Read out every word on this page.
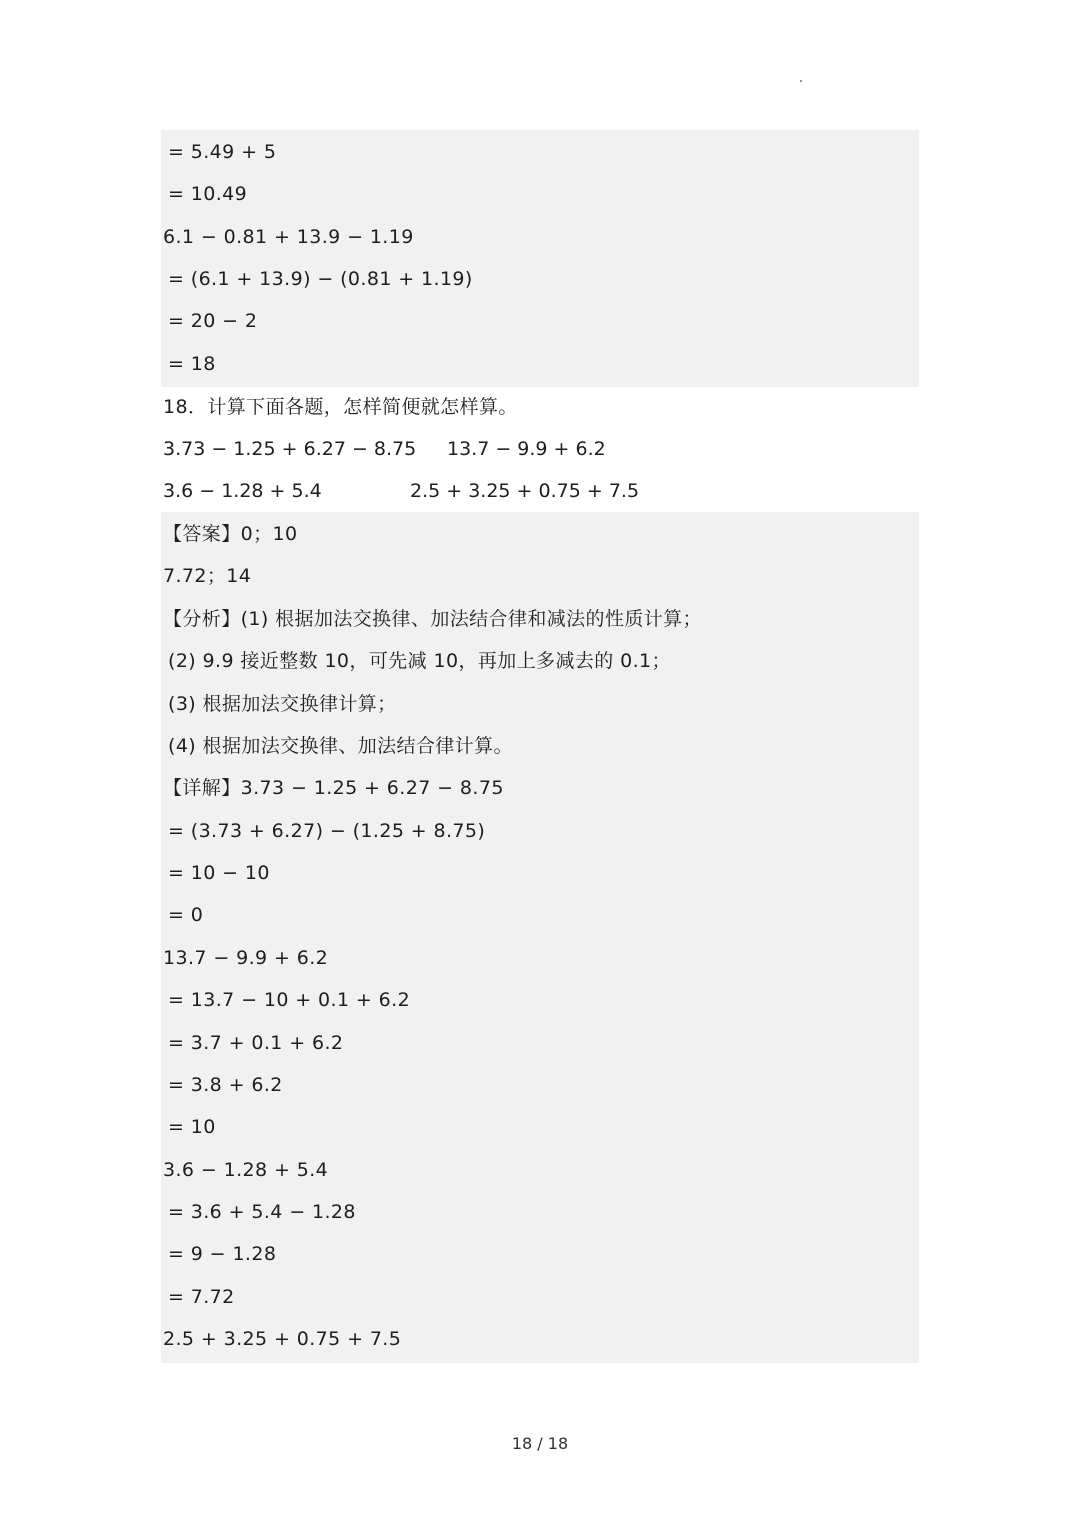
= 5.49 + 5
= 10.49
6.1 − 0.81 + 13.9 − 1.19
= (6.1 + 13.9) − (0.81 + 1.19)
= 20 − 2
= 18
18．计算下面各题，怎样简便就怎样算。

3.73 − 1.25 + 6.27 − 8.75

13.7 − 9.9 + 6.2

3.6 − 1.28 + 5.4

	2.5 + 3.25 + 0.75 + 7.5

【答案】0；10
7.72；14
【分析】(1) 根据加法交换律、加法结合律和减法的性质计算；
(2) 9.9 接近整数 10，可先减 10，再加上多减去的 0.1；
(3) 根据加法交换律计算；
(4) 根据加法交换律、加法结合律计算。
【详解】3.73 − 1.25 + 6.27 − 8.75
= (3.73 + 6.27) − (1.25 + 8.75)
= 10 − 10
= 0
13.7 − 9.9 + 6.2
= 13.7 − 10 + 0.1 + 6.2
= 3.7 + 0.1 + 6.2
= 3.8 + 6.2
= 10
3.6 − 1.28 + 5.4
= 3.6 + 5.4 − 1.28
= 9 − 1.28
= 7.72
2.5 + 3.25 + 0.75 + 7.5
18 / 18
